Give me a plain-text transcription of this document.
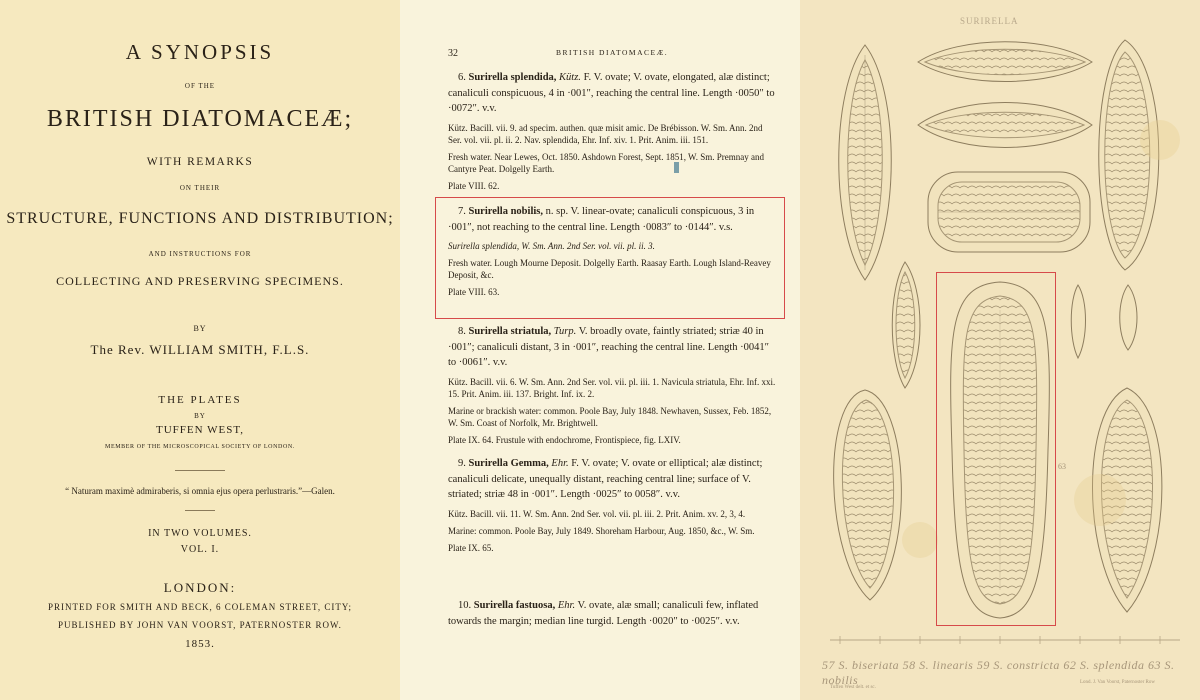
A SYNOPSIS
OF THE
BRITISH DIATOMACEÆ;
WITH REMARKS
ON THEIR
STRUCTURE, FUNCTIONS AND DISTRIBUTION;
AND INSTRUCTIONS FOR
COLLECTING AND PRESERVING SPECIMENS.
BY
The Rev. WILLIAM SMITH, F.L.S.
THE PLATES
BY
TUFFEN WEST,
MEMBER OF THE MICROSCOPICAL SOCIETY OF LONDON.
“ Naturam maximè admiraberis, si omnia ejus opera perlustraris.”—Galen.
IN TWO VOLUMES.
VOL. I.
LONDON:
PRINTED FOR SMITH AND BECK, 6 COLEMAN STREET, CITY;
PUBLISHED BY JOHN VAN VOORST, PATERNOSTER ROW.
1853.
32	BRITISH DIATOMACEÆ.
6. Surirella splendida, Kütz. F. V. ovate; V. ovate, elongated, alæ distinct; canaliculi conspicuous, 4 in ·001″, reaching the central line. Length ·0050″ to ·0072″. v.v.
Kütz. Bacill. vii. 9. ad specim. authen. quæ misit amic. De Brébisson. W. Sm. Ann. 2nd Ser. vol. vii. pl. ii. 2. Nav. splendida, Ehr. Inf. xiv. 1. Prit. Anim. iii. 151.
Fresh water. Near Lewes, Oct. 1850. Ashdown Forest, Sept. 1851, W. Sm. Premnay and Cantyre Peat. Dolgelly Earth.
Plate VIII. 62.
7. Surirella nobilis, n. sp. V. linear-ovate; canaliculi conspicuous, 3 in ·001″, not reaching to the central line. Length ·0083″ to ·0144″. v.s.
Surirella splendida, W. Sm. Ann. 2nd Ser. vol. vii. pl. ii. 3.
Fresh water. Lough Mourne Deposit. Dolgelly Earth. Raasay Earth. Lough Island-Reavey Deposit, &c.
Plate VIII. 63.
8. Surirella striatula, Turp. V. broadly ovate, faintly striated; striæ 40 in ·001″; canaliculi distant, 3 in ·001″, reaching the central line. Length ·0041″ to ·0061″. v.v.
Kütz. Bacill. vii. 6. W. Sm. Ann. 2nd Ser. vol. vii. pl. iii. 1. Navicula striatula, Ehr. Inf. xxi. 15. Prit. Anim. iii. 137. Bright. Inf. ix. 2.
Marine or brackish water: common. Poole Bay, July 1848. Newhaven, Sussex, Feb. 1852, W. Sm. Coast of Norfolk, Mr. Brightwell.
Plate IX. 64. Frustule with endochrome, Frontispiece, fig. LXIV.
9. Surirella Gemma, Ehr. F. V. ovate; V. ovate or elliptical; alæ distinct; canaliculi delicate, unequally distant, reaching central line; surface of V. striated; striæ 48 in ·001″. Length ·0025″ to 0058″. v.v.
Kütz. Bacill. vii. 11. W. Sm. Ann. 2nd Ser. vol. vii. pl. iii. 2. Prit. Anim. xv. 2, 3, 4.
Marine: common. Poole Bay, July 1849. Shoreham Harbour, Aug. 1850, &c., W. Sm.
Plate IX. 65.
10. Surirella fastuosa, Ehr. V. ovate, alæ small; canaliculi few, inflated towards the margin; median line turgid. Length ·0020″ to ·0025″. v.v.
SURIRELLA
Tuffen West delt. et sc.
Lond. J. Van Voorst, Paternoster Row
63
57 S. biseriata 58 S. linearis 59 S. constricta 62 S. splendida 63 S. nobilis
